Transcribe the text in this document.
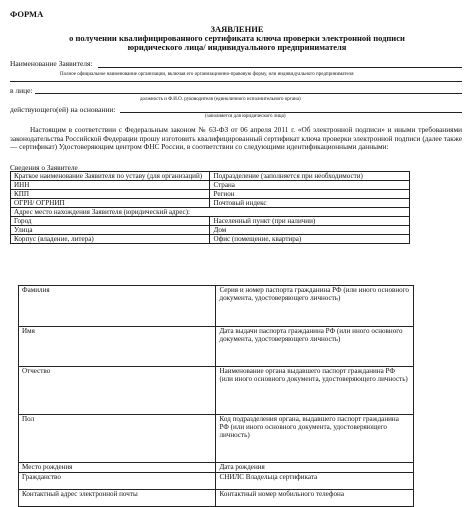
ФОРМА
ЗАЯВЛЕНИЕ
о получении квалифицированного сертификата ключа проверки электронной подписи
юридического лица/ индивидуального предпринимателя
Наименование Заявителя:
Полное официальное наименование организации, включая его организационно-правовую форму, или индивидуального предпринимателя
в лице:
должность и Ф.И.О. руководителя (единоличного исполнительного органа)
действующего(ей) на основании:
(заполняется для юридического лица)
Настоящим в соответствии с Федеральным законом № 63-ФЗ от 06 апреля 2011 г. «Об электронной подписи» и иными требованиями законодательства Российской Федерации прошу изготовить квалифицированный сертификат ключа проверки электронной подписи (далее также — сертификат) Удостоверяющим центром ФНС России, в соответствии со следующими идентификационными данными:
Сведения о Заявителе
Краткое наименование Заявителя по уставу (для организаций)	Подразделение (заполняется при необходимости)
ИНН	Страна
КПП	Регион
ОГРН/ ОГРНИП	Почтовый индекс
Адрес место нахождения Заявителя (юридический адрес):	
Город	Населенный пункт (при наличии)
Улица	Дом
Корпус (владение, литера)	Офис (помещение, квартира)
Фамилия	Серия и номер паспорта гражданина РФ (или иного основного документа, удостоверяющего личность)
Имя	Дата выдачи паспорта гражданина РФ (или иного основного документа, удостоверяющего личность)
Отчество	Наименование органа выдавшего паспорт гражданина РФ (или иного основного документа, удостоверяющего личность)
Пол	Код подразделения органа, выдавшего паспорт гражданина РФ (или иного основного документа, удостоверяющего личность)
Место рождения	Дата рождения
Гражданство	СНИЛС Владельца сертификата
Контактный адрес электронной почты	Контактный номер мобильного телефона
